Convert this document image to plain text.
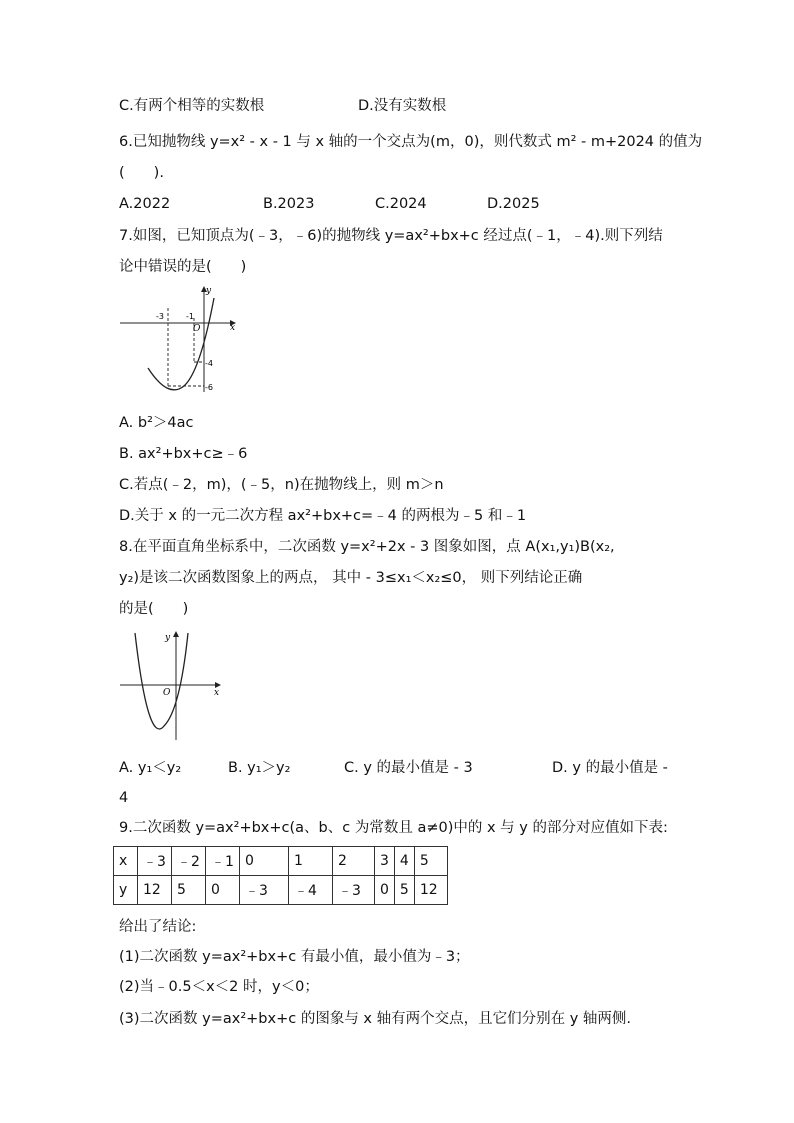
C.有两个相等的实数根	D.没有实数根
6.已知抛物线 y=x² - x - 1 与 x 轴的一个交点为(m，0)，则代数式 m² - m+2024 的值为
(　　).
A.2022	B.2023	C.2024	D.2025
7.如图，已知顶点为(﹣3，﹣6)的抛物线 y=ax²+bx+c 经过点(﹣1，﹣4).则下列结
论中错误的是(　　)
y
x
O
-3	-1
-4
-6
A. b²＞4ac
B. ax²+bx+c≥﹣6
C.若点(﹣2，m)，(﹣5，n)在抛物线上，则 m＞n
D.关于 x 的一元二次方程 ax²+bx+c=﹣4 的两根为﹣5 和﹣1
8.在平面直角坐标系中，二次函数 y=x²+2x - 3 图象如图，点 A(x₁,y₁)B(x₂,
y₂)是该二次函数图象上的两点， 其中 - 3≤x₁＜x₂≤0， 则下列结论正确
的是(　　)
y
x
O
A. y₁＜y₂	B. y₁＞y₂	C. y 的最小值是 - 3	D. y 的最小值是 -
4
9.二次函数 y=ax²+bx+c(a、b、c 为常数且 a≠0)中的 x 与 y 的部分对应值如下表:
x	﹣3	﹣2	﹣1	0	1	2	3	4	5
y	12	5	0	﹣3	﹣4	﹣3	0	5	12
给出了结论:
(1)二次函数 y=ax²+bx+c 有最小值，最小值为﹣3；
(2)当﹣0.5＜x＜2 时，y＜0；
(3)二次函数 y=ax²+bx+c 的图象与 x 轴有两个交点，且它们分别在 y 轴两侧.
